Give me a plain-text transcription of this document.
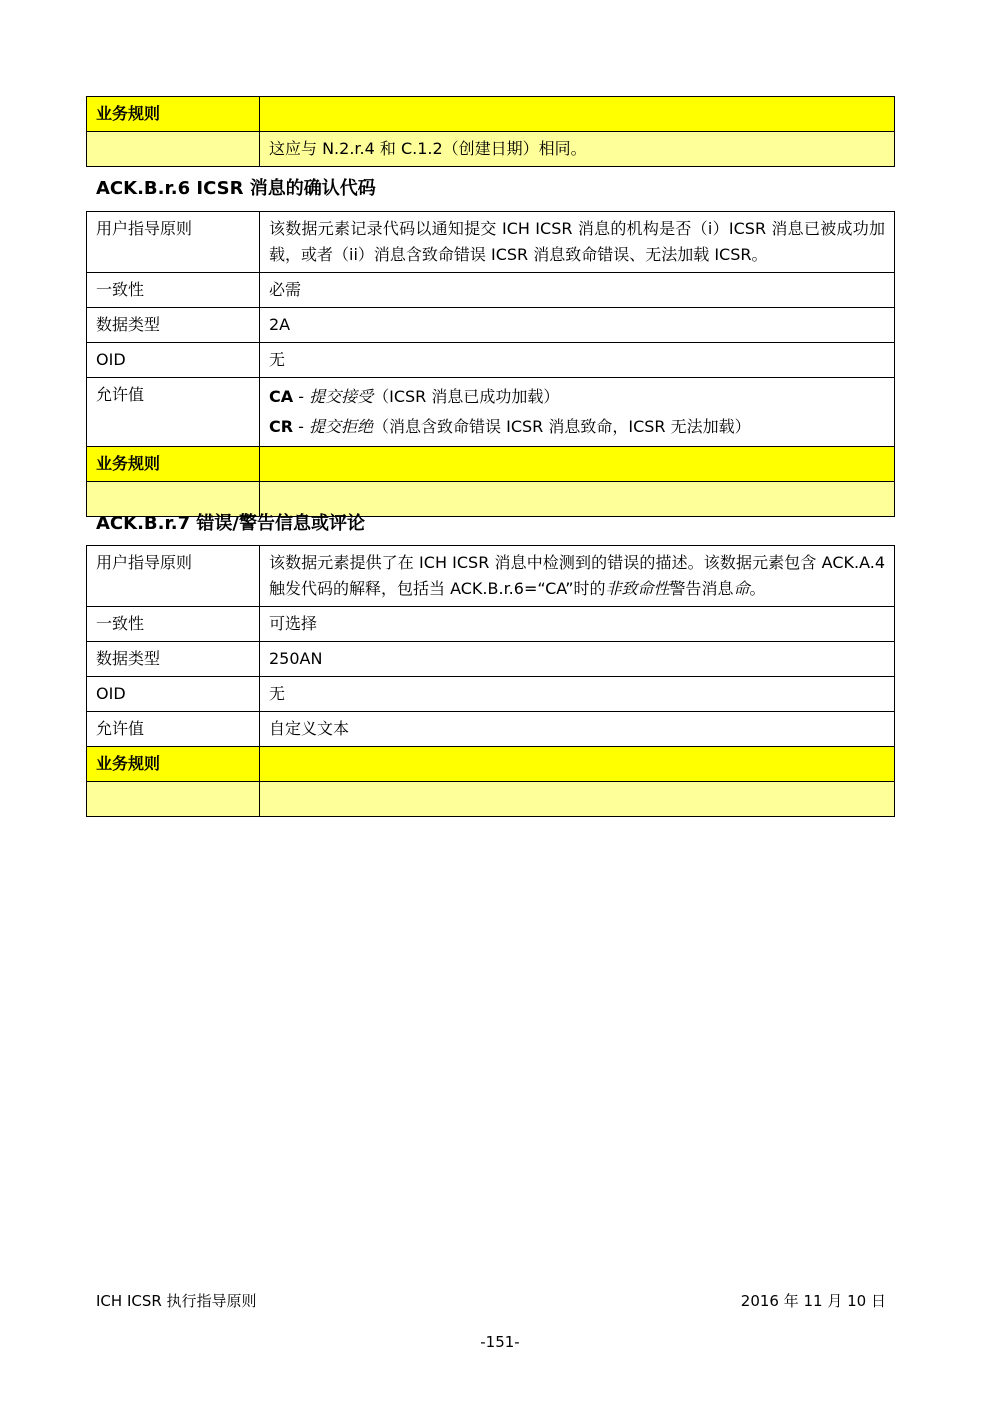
业务规则	
	这应与 N.2.r.4 和 C.1.2（创建日期）相同。
ACK.B.r.6 ICSR 消息的确认代码
用户指导原则	该数据元素记录代码以通知提交 ICH ICSR 消息的机构是否（i）ICSR 消息已被成功加载，或者（ii）消息含致命错误 ICSR 消息致命错误、无法加载 ICSR。
一致性	必需
数据类型	2A
OID	无
允许值	CA - 提交接受（ICSR 消息已成功加载）
CR - 提交拒绝（消息含致命错误 ICSR 消息致命，ICSR 无法加载）

业务规则	

ACK.B.r.7 错误/警告信息或评论
用户指导原则	该数据元素提供了在 ICH ICSR 消息中检测到的错误的描述。该数据元素包含 ACK.A.4 触发代码的解释，包括当 ACK.B.r.6=“CA”时的非致命性警告消息命。
一致性	可选择
数据类型	250AN
OID	无
允许值	自定义文本
业务规则	

ICH ICSR 执行指导原则	2016 年 11 月 10 日
-151-
